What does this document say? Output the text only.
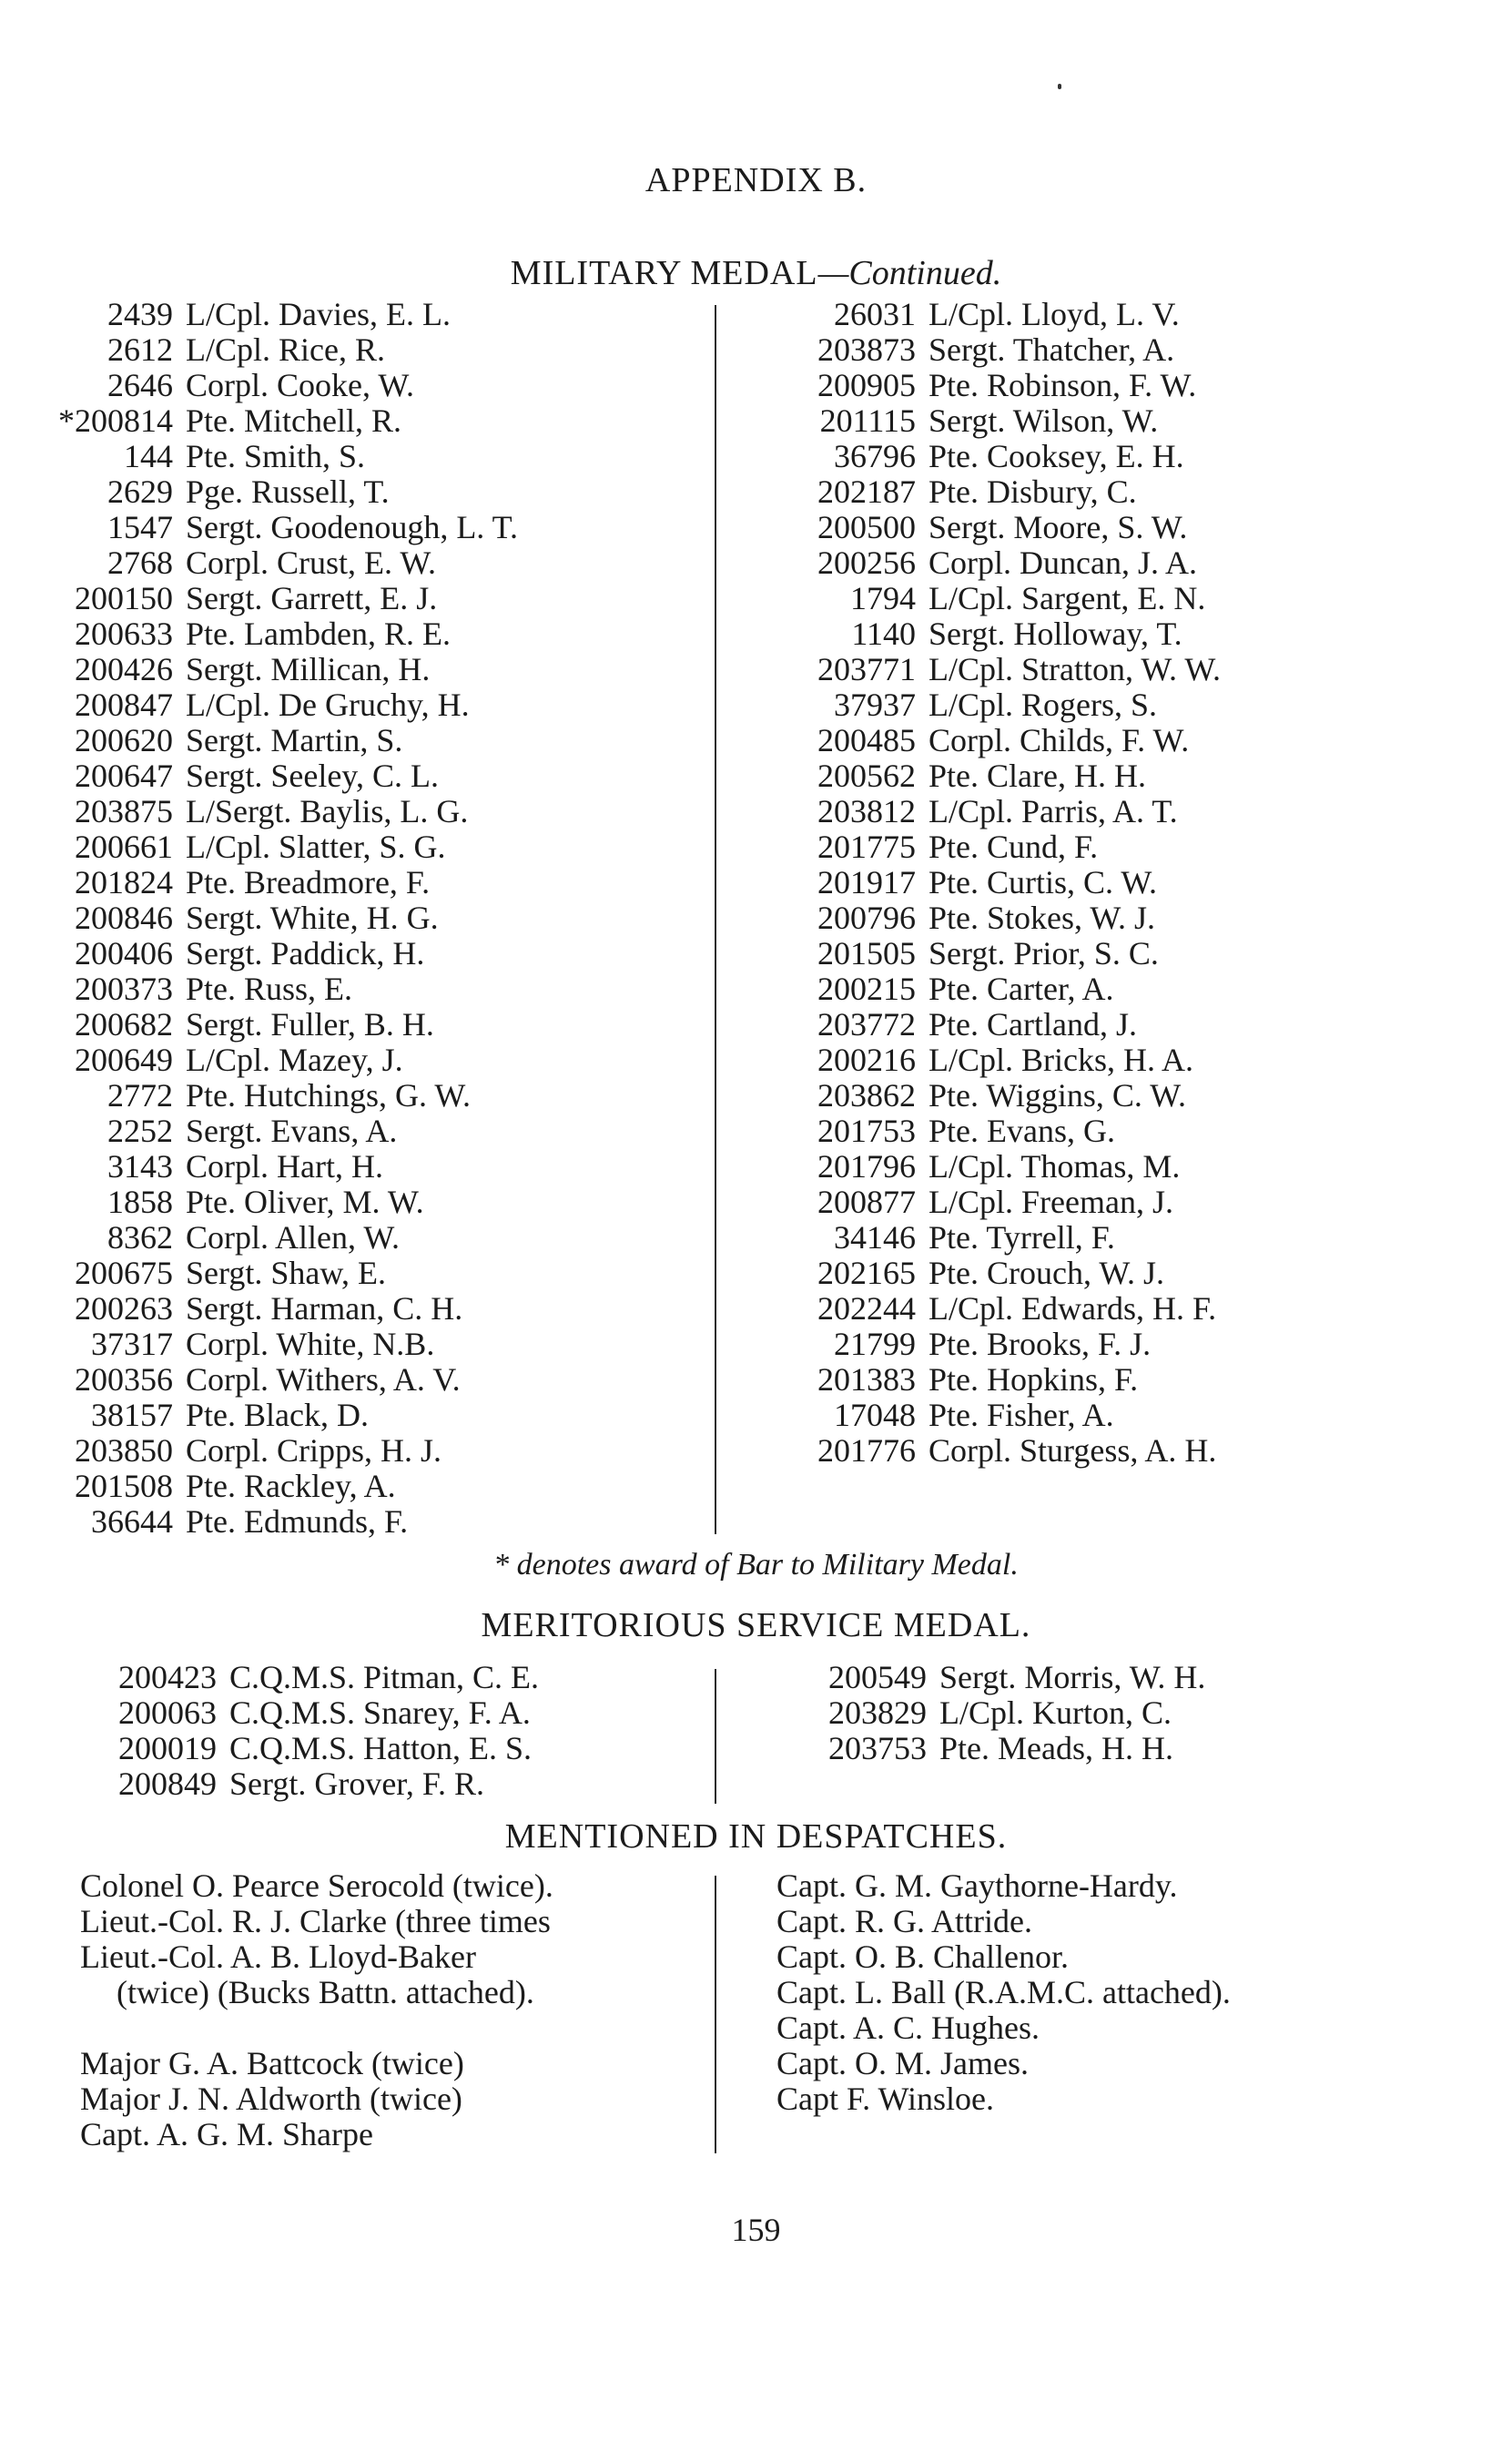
APPENDIX B.
MILITARY MEDAL—Continued.
2439 L/Cpl. Davies, E. L.
2612 L/Cpl. Rice, R.
2646 Corpl. Cooke, W.
*200814 Pte. Mitchell, R.
144 Pte. Smith, S.
2629 Pge. Russell, T.
1547 Sergt. Goodenough, L. T.
2768 Corpl. Crust, E. W.
200150 Sergt. Garrett, E. J.
200633 Pte. Lambden, R. E.
200426 Sergt. Millican, H.
200847 L/Cpl. De Gruchy, H.
200620 Sergt. Martin, S.
200647 Sergt. Seeley, C. L.
203875 L/Sergt. Baylis, L. G.
200661 L/Cpl. Slatter, S. G.
201824 Pte. Breadmore, F.
200846 Sergt. White, H. G.
200406 Sergt. Paddick, H.
200373 Pte. Russ, E.
200682 Sergt. Fuller, B. H.
200649 L/Cpl. Mazey, J.
2772 Pte. Hutchings, G. W.
2252 Sergt. Evans, A.
3143 Corpl. Hart, H.
1858 Pte. Oliver, M. W.
8362 Corpl. Allen, W.
200675 Sergt. Shaw, E.
200263 Sergt. Harman, C. H.
37317 Corpl. White, N.B.
200356 Corpl. Withers, A. V.
38157 Pte. Black, D.
203850 Corpl. Cripps, H. J.
201508 Pte. Rackley, A.
36644 Pte. Edmunds, F.
26031 L/Cpl. Lloyd, L. V.
203873 Sergt. Thatcher, A.
200905 Pte. Robinson, F. W.
201115 Sergt. Wilson, W.
36796 Pte. Cooksey, E. H.
202187 Pte. Disbury, C.
200500 Sergt. Moore, S. W.
200256 Corpl. Duncan, J. A.
1794 L/Cpl. Sargent, E. N.
1140 Sergt. Holloway, T.
203771 L/Cpl. Stratton, W. W.
37937 L/Cpl. Rogers, S.
200485 Corpl. Childs, F. W.
200562 Pte. Clare, H. H.
203812 L/Cpl. Parris, A. T.
201775 Pte. Cund, F.
201917 Pte. Curtis, C. W.
200796 Pte. Stokes, W. J.
201505 Sergt. Prior, S. C.
200215 Pte. Carter, A.
203772 Pte. Cartland, J.
200216 L/Cpl. Bricks, H. A.
203862 Pte. Wiggins, C. W.
201753 Pte. Evans, G.
201796 L/Cpl. Thomas, M.
200877 L/Cpl. Freeman, J.
34146 Pte. Tyrrell, F.
202165 Pte. Crouch, W. J.
202244 L/Cpl. Edwards, H. F.
21799 Pte. Brooks, F. J.
201383 Pte. Hopkins, F.
17048 Pte. Fisher, A.
201776 Corpl. Sturgess, A. H.
* denotes award of Bar to Military Medal.
MERITORIOUS SERVICE MEDAL.
200423 C.Q.M.S. Pitman, C. E.
200063 C.Q.M.S. Snarey, F. A.
200019 C.Q.M.S. Hatton, E. S.
200849 Sergt. Grover, F. R.
200549 Sergt. Morris, W. H.
203829 L/Cpl. Kurton, C.
203753 Pte. Meads, H. H.
MENTIONED IN DESPATCHES.
Colonel O. Pearce Serocold (twice).
Lieut.-Col. R. J. Clarke (three times
Lieut.-Col. A. B. Lloyd-Baker
(twice) (Bucks Battn. attached).
Major G. A. Battcock (twice)
Major J. N. Aldworth (twice)
Capt. A. G. M. Sharpe
Capt. G. M. Gaythorne-Hardy.
Capt. R. G. Attride.
Capt. O. B. Challenor.
Capt. L. Ball (R.A.M.C. attached).
Capt. A. C. Hughes.
Capt. O. M. James.
Capt F. Winsloe.
159
